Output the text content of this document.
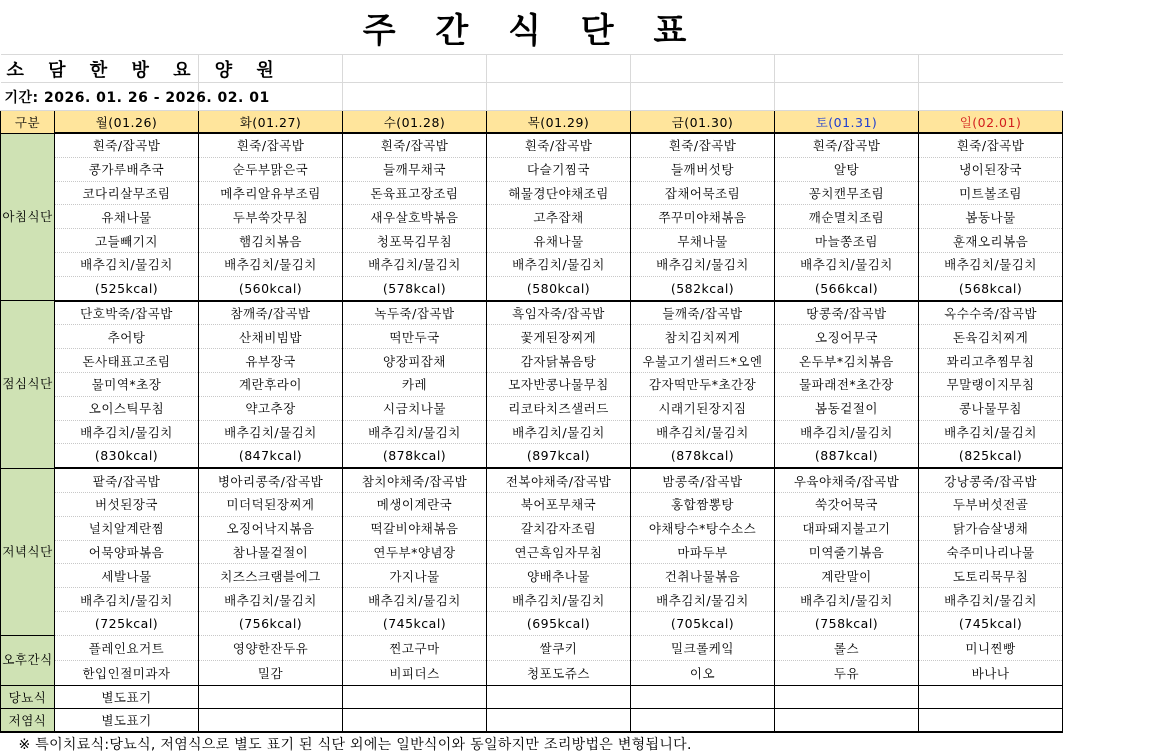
주 간 식 단 표							
소 담 한 방 요 양 원							
기간: 2026. 01. 26 - 2026. 02. 01							
구분	월(01.26)	화(01.27)	수(01.28)	목(01.29)	금(01.30)	토(01.31)	일(02.01)
아침식단	흰죽/잡곡밥	흰죽/잡곡밥	흰죽/잡곡밥	흰죽/잡곡밥	흰죽/잡곡밥	흰죽/잡곡밥	흰죽/잡곡밥
	콩가루배추국	순두부맑은국	들깨무채국	다슬기찜국	들깨버섯탕	알탕	냉이된장국
	코다리살무조림	메추리알유부조림	돈육표고장조림	해물경단야채조림	잡채어묵조림	꽁치캔무조림	미트볼조림
	유채나물	두부쑥갓무침	새우살호박볶음	고추잡채	쭈꾸미야채볶음	깨순멸치조림	봄동나물
	고들빼기지	햄김치볶음	청포묵김무침	유채나물	무채나물	마늘쫑조림	훈재오리볶음
	배추김치/물김치	배추김치/물김치	배추김치/물김치	배추김치/물김치	배추김치/물김치	배추김치/물김치	배추김치/물김치
	(525kcal)	(560kcal)	(578kcal)	(580kcal)	(582kcal)	(566kcal)	(568kcal)
점심식단	단호박죽/잡곡밥	참깨죽/잡곡밥	녹두죽/잡곡밥	흑임자죽/잡곡밥	들깨죽/잡곡밥	땅콩죽/잡곡밥	옥수수죽/잡곡밥
	추어탕	산채비빔밥	떡만두국	꽃게된장찌게	참치김치찌게	오징어무국	돈육김치찌게
	돈사태표고조림	유부장국	양장피잡채	감자닭볶음탕	우불고기샐러드*오엔	온두부*김치볶음	꽈리고추찜무침
	물미역*초장	계란후라이	카레	모자반콩나물무침	감자떡만두*초간장	물파래전*초간장	무말랭이지무침
	오이스틱무침	약고추장	시금치나물	리코타치즈샐러드	시래기된장지짐	봄동겉절이	콩나물무침
	배추김치/물김치	배추김치/물김치	배추김치/물김치	배추김치/물김치	배추김치/물김치	배추김치/물김치	배추김치/물김치
	(830kcal)	(847kcal)	(878kcal)	(897kcal)	(878kcal)	(887kcal)	(825kcal)
저녁식단	팥죽/잡곡밥	병아리콩죽/잡곡밥	참치야채죽/잡곡밥	전복야채죽/잡곡밥	밤콩죽/잡곡밥	우육야채죽/잡곡밥	강낭콩죽/잡곡밥
	버섯된장국	미더덕된장찌게	메생이계란국	북어포무채국	홍합짬뽕탕	쑥갓어묵국	두부버섯전골
	널치알계란찜	오징어낙지볶음	떡갈비야채볶음	갈치감자조림	야채탕수*탕수소스	대파돼지불고기	닭가슴살냉채
	어묵양파볶음	참나물겉절이	연두부*양념장	연근흑임자무침	마파두부	미역줄기볶음	숙주미나리나물
	세발나물	치즈스크램블에그	가지나물	양배추나물	건취나물볶음	계란말이	도토리묵무침
	배추김치/물김치	배추김치/물김치	배추김치/물김치	배추김치/물김치	배추김치/물김치	배추김치/물김치	배추김치/물김치
	(725kcal)	(756kcal)	(745kcal)	(695kcal)	(705kcal)	(758kcal)	(745kcal)
오후간식	플레인요거트	영양한잔두유	찐고구마	쌀쿠키	밀크롤케잌	롤스	미니찐빵
	한입인절미과자	밀감	비피더스	청포도쥬스	이오	두유	바나나
당뇨식	별도표기						
저염식	별도표기						
※ 특이치료식:당뇨식, 저염식으로 별도 표기 된 식단 외에는 일반식이와 동일하지만 조리방법은 변형됩니다.							
